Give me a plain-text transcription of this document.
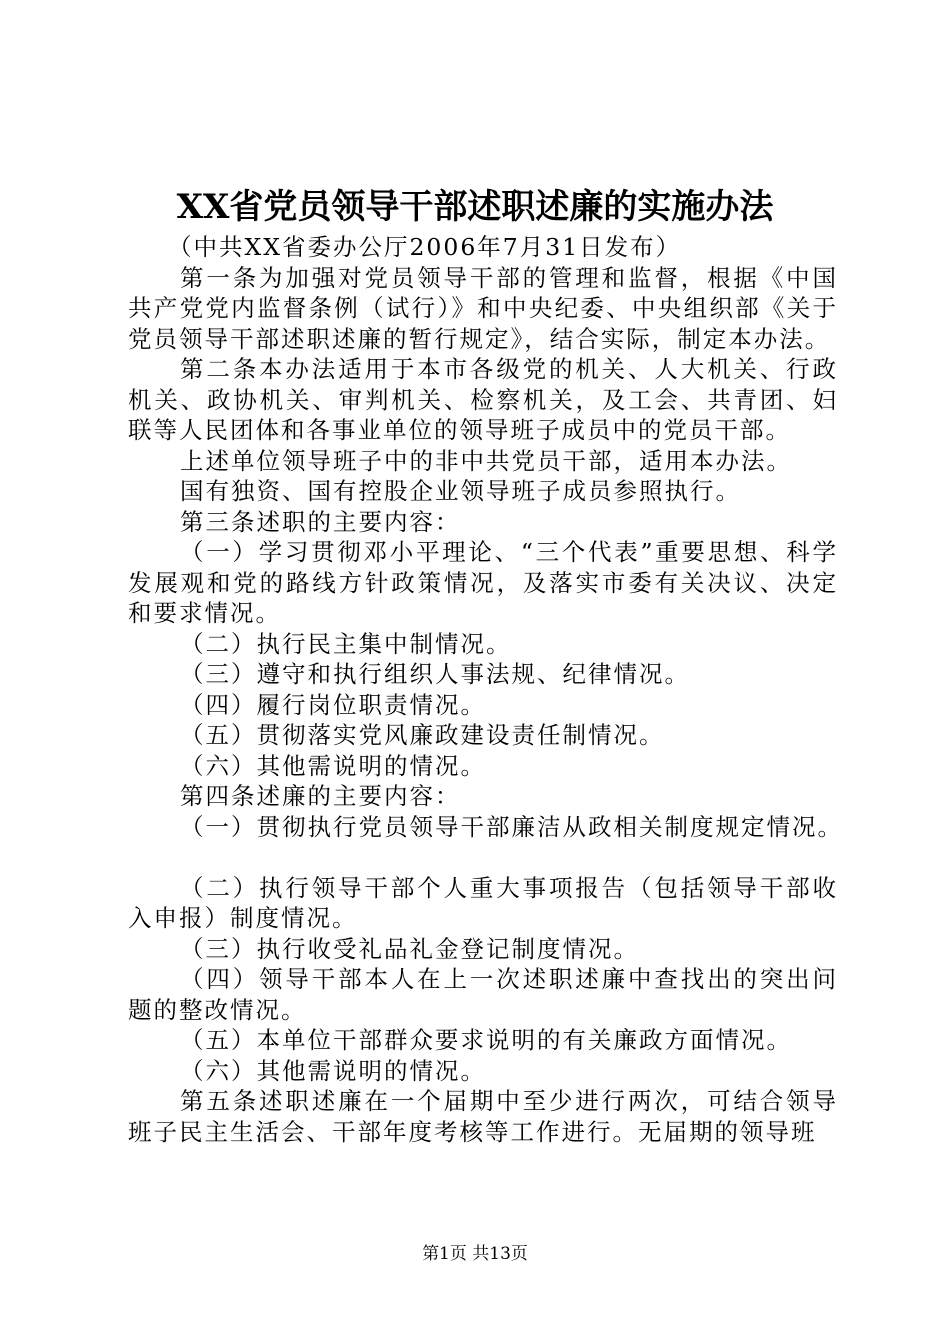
XX省党员领导干部述职述廉的实施办法

（中共XX省委办公厅2006年7月31日发布）

第一条为加强对党员领导干部的管理和监督，根据《中国共产党党内监督条例（试行）》和中央纪委、中央组织部《关于党员领导干部述职述廉的暂行规定》，结合实际，制定本办法。

第二条本办法适用于本市各级党的机关、人大机关、行政机关、政协机关、审判机关、检察机关，及工会、共青团、妇联等人民团体和各事业单位的领导班子成员中的党员干部。

上述单位领导班子中的非中共党员干部，适用本办法。

国有独资、国有控股企业领导班子成员参照执行。

第三条述职的主要内容：

（一）学习贯彻邓小平理论、“三个代表”重要思想、科学发展观和党的路线方针政策情况，及落实市委有关决议、决定和要求情况。

（二）执行民主集中制情况。

（三）遵守和执行组织人事法规、纪律情况。

（四）履行岗位职责情况。

（五）贯彻落实党风廉政建设责任制情况。

（六）其他需说明的情况。

第四条述廉的主要内容：

（一）贯彻执行党员领导干部廉洁从政相关制度规定情况。

（二）执行领导干部个人重大事项报告（包括领导干部收入申报）制度情况。

（三）执行收受礼品礼金登记制度情况。

（四）领导干部本人在上一次述职述廉中查找出的突出问题的整改情况。

（五）本单位干部群众要求说明的有关廉政方面情况。

（六）其他需说明的情况。

第五条述职述廉在一个届期中至少进行两次，可结合领导班子民主生活会、干部年度考核等工作进行。无届期的领导班

第1页 共13页
